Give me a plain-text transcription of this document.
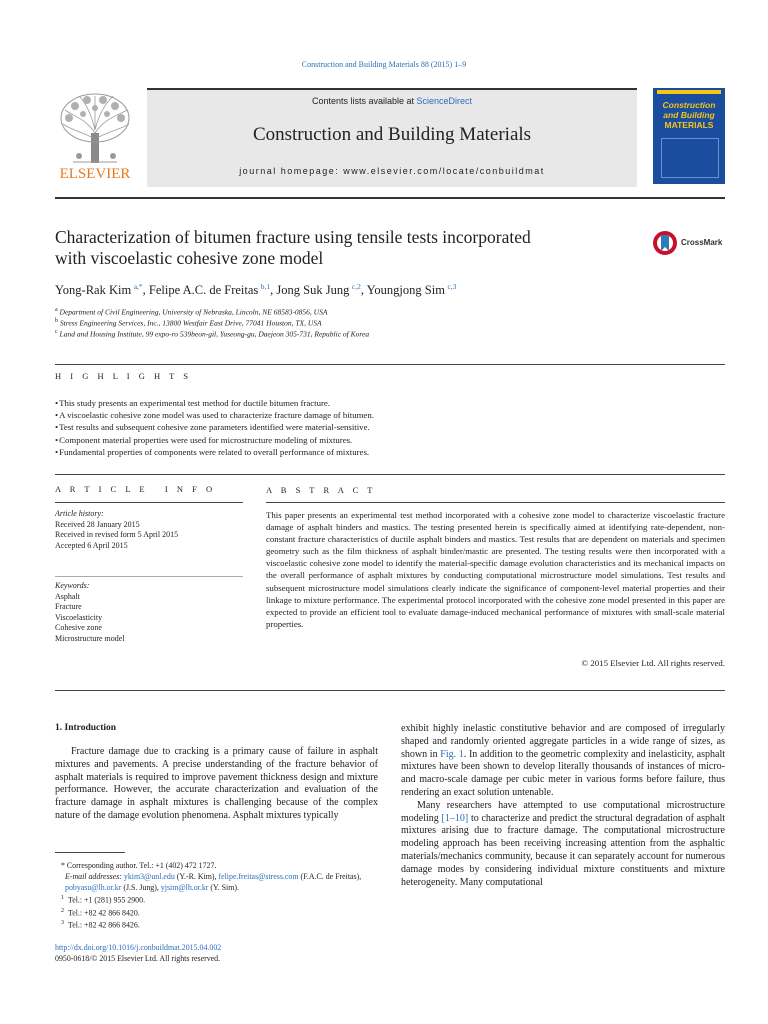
Construction and Building Materials 88 (2015) 1–9
ELSEVIER
Contents lists available at ScienceDirect
Construction and Building Materials
journal homepage: www.elsevier.com/locate/conbuildmat
Construction
and Building
MATERIALS
Characterization of bitumen fracture using tensile tests incorporated
with viscoelastic cohesive zone model
CrossMark
Yong-Rak Kim  $^{a,*}$, Felipe A.C. de Freitas  $^{b,1}$, Jong Suk Jung  $^{c,2}$, Youngjong Sim  $^{c,3}$
$^a$ Department of Civil Engineering, University of Nebraska, Lincoln, NE 68583-0856, USA
$^b$ Stress Engineering Services, Inc., 13800 Westfair East Drive, 77041 Houston, TX, USA
$^c$ Land and Housing Institute, 99 expo-ro 539beon-gil, Yuseong-gu, Daejeon 305-731, Republic of Korea
H I G H L I G H T S
• This study presents an experimental test method for ductile bitumen fracture.
• A viscoelastic cohesive zone model was used to characterize fracture damage of bitumen.
• Test results and subsequent cohesive zone parameters identified were material-sensitive.
• Component material properties were used for microstructure modeling of mixtures.
• Fundamental properties of components were related to overall performance of mixtures.
A R T I C L E   I N F O	A B S T R A C T
Article history:
Received 28 January 2015
Received in revised form 5 April 2015
Accepted 6 April 2015
Keywords:
Asphalt
Fracture
Viscoelasticity
Cohesive zone
Microstructure model
This paper presents an experimental test method incorporated with a cohesive zone model to characterize viscoelastic fracture damage of asphalt binders and mastics. The testing presented herein is specifically aimed at identifying rate-dependent, non-constant fracture characteristics of ductile asphalt binders and mastics. Test results that are dependent on materials and specimen geometry such as the film thickness of asphalt binder/mastic are presented. The testing results were then incorporated with a viscoelastic cohesive zone model to identify the material-specific damage evolution characteristics and its mechanical impacts on the overall performance of asphalt mixtures by conducting computational microstructure model simulations. Test results and subsequent microstructure model simulations clearly indicate the significance of component-level material properties and their linkage to mixture performance. The experimental protocol incorporated with the cohesive zone model presented in this paper are expected to provide an efficient tool to evaluate damage-induced mechanical performance of mixtures with small-scale material properties.
© 2015 Elsevier Ltd. All rights reserved.
1. Introduction

Fracture damage due to cracking is a primary cause of failure in asphalt mixtures and pavements. A precise understanding of the fracture behavior of asphalt materials is required to improve pavement thickness design and mixture performance. However, the accurate characterization and evaluation of the fracture damage in asphalt mixtures is challenging because of the complex nature of the damage evolution phenomena. Asphalt mixtures typically

exhibit highly inelastic constitutive behavior and are composed of irregularly shaped and randomly oriented aggregate particles in a wide range of sizes, as shown in Fig. 1. In addition to the geometric complexity and inelasticity, asphalt mixtures have been shown to develop literally thousands of instances of micro- and macro-scale damage per cubic meter in various forms before failure, thus rendering an exact solution untenable.

Many researchers have attempted to use computational microstructure modeling [1–10] to characterize and predict the structural degradation of asphalt mixtures arising due to fracture damage. The computational microstructure modeling approach has been receiving increasing attention from the asphaltic materials/mechanics community, because it can separately account for numerous damage modes by considering individual mixture constituents and mixture heterogeneity. Many computational

* Corresponding author. Tel.: +1 (402) 472 1727.
E-mail addresses: ykim3@unl.edu (Y.-R. Kim), felipe.freitas@stress.com (F.A.C. de Freitas), pobyasu@lh.or.kr (J.S. Jung), yjsim@lh.or.kr (Y. Sim).
$^1$ Tel.: +1 (281) 955 2900.
$^2$ Tel.: +82 42 866 8420.
$^3$ Tel.: +82 42 866 8426.
http://dx.doi.org/10.1016/j.conbuildmat.2015.04.002
0950-0618/© 2015 Elsevier Ltd. All rights reserved.
